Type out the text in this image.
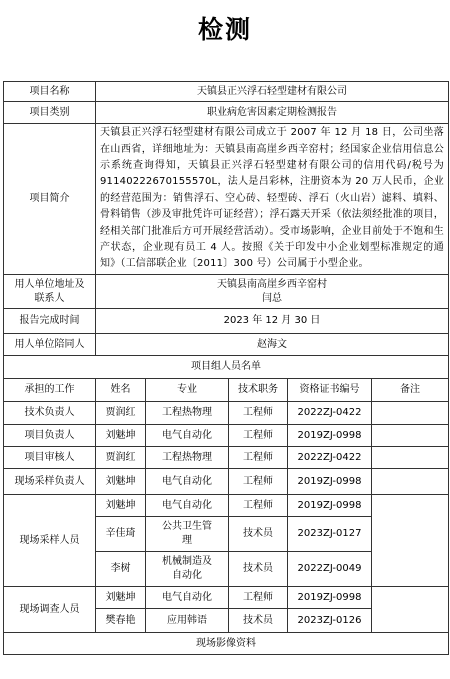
检测
项目名称	天镇县正兴浮石轻型建材有限公司				
项目类别	职业病危害因素定期检测报告				
项目简介	天镇县正兴浮石轻型建材有限公司成立于 2007 年 12 月 18 日，公司坐落在山西省，详细地址为：天镇县南高崖乡西辛窑村；经国家企业信用信息公示系统查询得知，天镇县正兴浮石轻型建材有限公司的信用代码/税号为 91140222670155570L，法人是吕彩林，注册资本为 20 万人民币，企业的经营范围为：销售浮石、空心砖、轻型砖、浮石（火山岩）滤料、填料、骨料销售（涉及审批凭许可证经营）；浮石露天开采（依法须经批准的项目，经相关部门批准后方可开展经营活动）。受市场影响，企业目前处于不饱和生产状态，企业现有员工 4 人。按照《关于印发中小企业划型标准规定的通知》（工信部联企业〔2011〕300 号）公司属于小型企业。				

用人单位地址及
联系人	天镇县南高崖乡西辛窑村
闫总				

报告完成时间	2023 年 12 月 30 日				
用人单位陪同人	赵海文				
项目组人员名单					
承担的工作	姓名	专业	技术职务	资格证书编号	备注
技术负责人	贾润红	工程热物理	工程师	2022ZJ-0422	
项目负责人	刘魅坤	电气自动化	工程师	2019ZJ-0998	
项目审核人	贾润红	工程热物理	工程师	2022ZJ-0422	
现场采样负责人	刘魅坤	电气自动化	工程师	2019ZJ-0998	
现场采样人员	刘魅坤	电气自动化	工程师	2019ZJ-0998	
	辛佳琦	公共卫生管
理	技术员	2023ZJ-0127	
	李树	机械制造及
自动化	技术员	2022ZJ-0049	
现场调查人员	刘魅坤	电气自动化	工程师	2019ZJ-0998	
	樊春艳	应用韩语	技术员	2023ZJ-0126	
现场影像资料					
